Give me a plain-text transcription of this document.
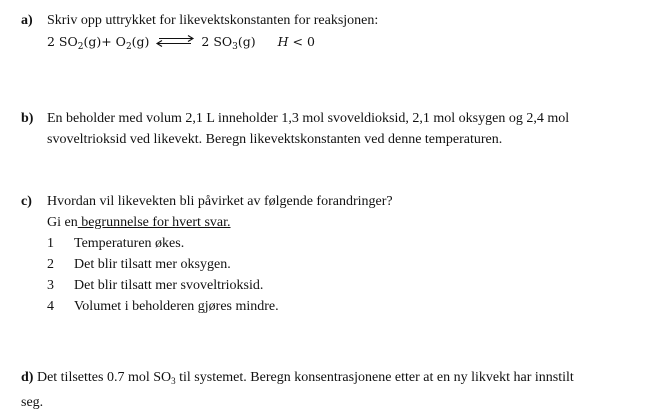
a) Skriv opp uttrykket for likevektskonstanten for reaksjonen:
2 $SO_2(g)+ O_2(g)$ ⇌ 2 $SO_3(g) H < 0$
b) En beholder med volum 2,1 L inneholder 1,3 mol svoveldioksid, 2,1 mol oksygen og 2,4 mol
svoveltrioksid ved likevekt. Beregn likevektskonstanten ved denne temperaturen.
c) Hvordan vil likevekten bli påvirket av følgende forandringer?
Gi en begrunnelse for hvert svar.
1 Temperaturen økes.
2 Det blir tilsatt mer oksygen.
3 Det blir tilsatt mer svoveltrioksid.
4 Volumet i beholderen gjøres mindre.
d) Det tilsettes 0.7 mol $SO_3$ til systemet. Beregn konsentrasjonene etter at en ny likvekt har innstilt
seg.
